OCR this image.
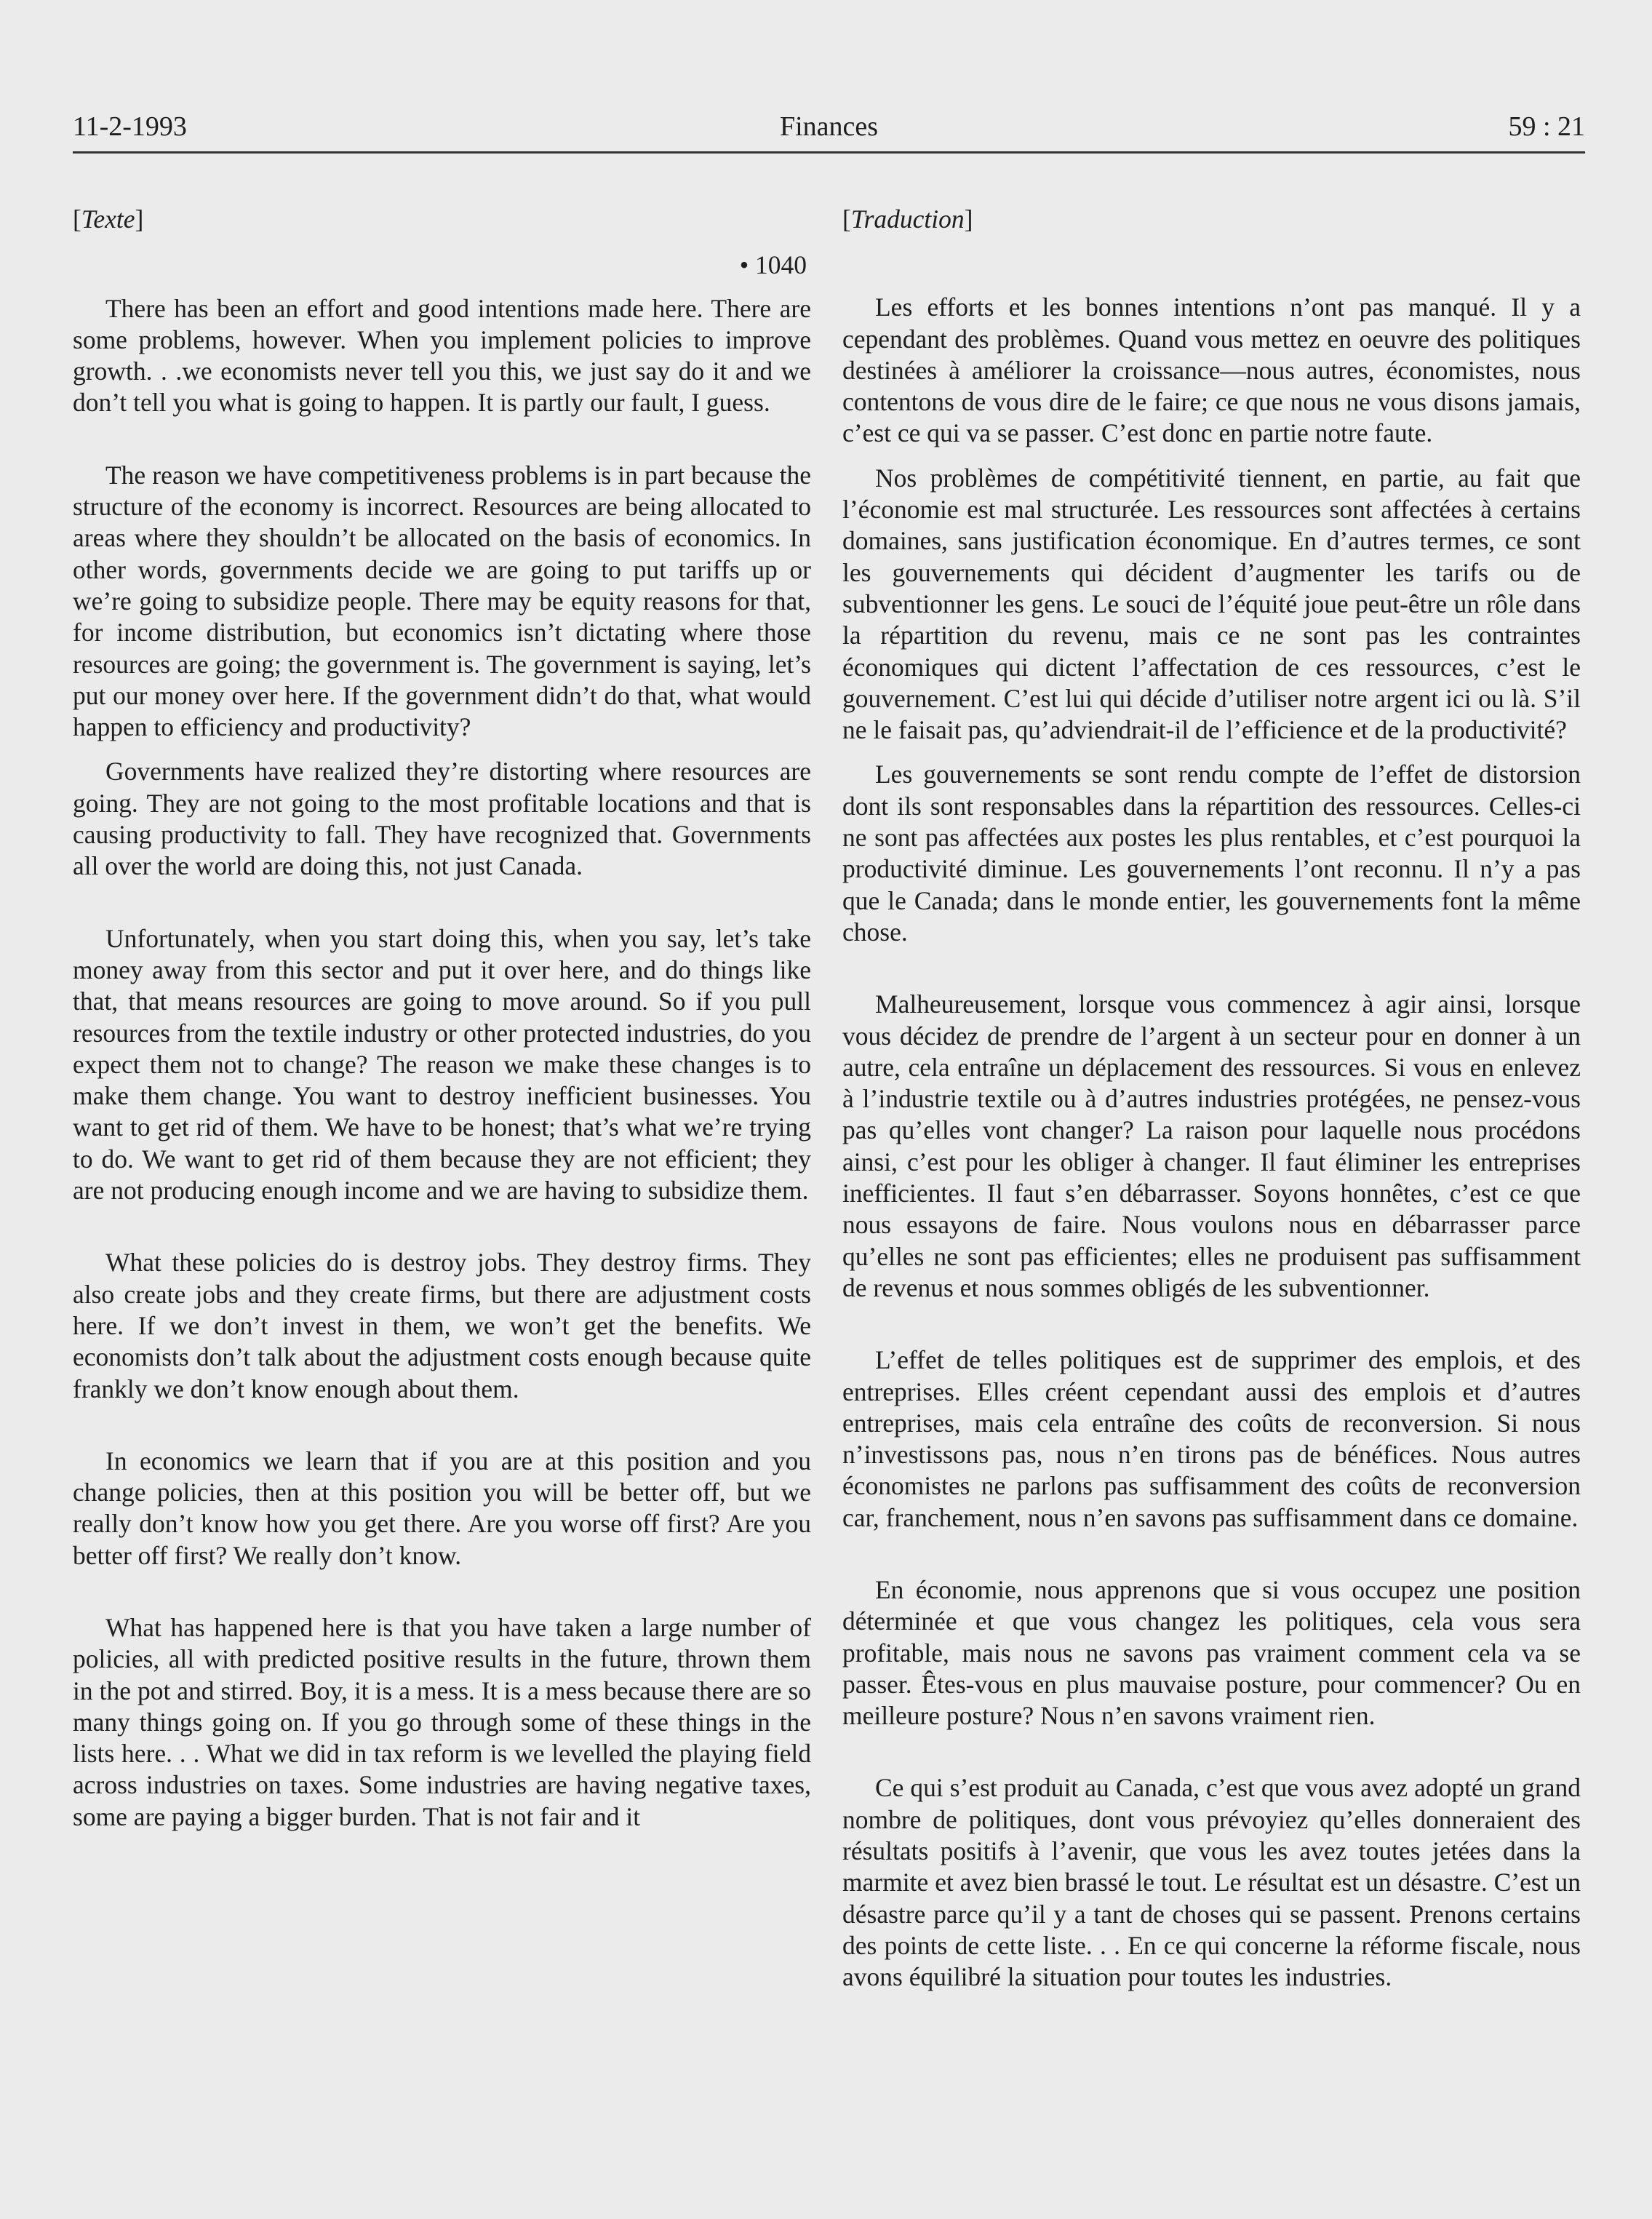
11-2-1993	Finances	59 : 21
[Texte]
• 1040

There has been an effort and good intentions made here. There are some problems, however. When you implement policies to improve growth. . .we economists never tell you this, we just say do it and we don’t tell you what is going to happen. It is partly our fault, I guess.

The reason we have competitiveness problems is in part because the structure of the economy is incorrect. Resources are being allocated to areas where they shouldn’t be allocated on the basis of economics. In other words, governments decide we are going to put tariffs up or we’re going to subsidize people. There may be equity reasons for that, for income distribution, but economics isn’t dictating where those resources are going; the government is. The government is saying, let’s put our money over here. If the government didn’t do that, what would happen to efficiency and productivity?

Governments have realized they’re distorting where resources are going. They are not going to the most profitable locations and that is causing productivity to fall. They have recognized that. Governments all over the world are doing this, not just Canada.

Unfortunately, when you start doing this, when you say, let’s take money away from this sector and put it over here, and do things like that, that means resources are going to move around. So if you pull resources from the textile industry or other protected industries, do you expect them not to change? The reason we make these changes is to make them change. You want to destroy inefficient businesses. You want to get rid of them. We have to be honest; that’s what we’re trying to do. We want to get rid of them because they are not efficient; they are not producing enough income and we are having to subsidize them.

What these policies do is destroy jobs. They destroy firms. They also create jobs and they create firms, but there are adjustment costs here. If we don’t invest in them, we won’t get the benefits. We economists don’t talk about the adjustment costs enough because quite frankly we don’t know enough about them.

In economics we learn that if you are at this position and you change policies, then at this position you will be better off, but we really don’t know how you get there. Are you worse off first? Are you better off first? We really don’t know.

What has happened here is that you have taken a large number of policies, all with predicted positive results in the future, thrown them in the pot and stirred. Boy, it is a mess. It is a mess because there are so many things going on. If you go through some of these things in the lists here. . . What we did in tax reform is we levelled the playing field across industries on taxes. Some industries are having negative taxes, some are paying a bigger burden. That is not fair and it

[Traduction]

Les efforts et les bonnes intentions n’ont pas manqué. Il y a cependant des problèmes. Quand vous mettez en oeuvre des politiques destinées à améliorer la croissance—nous autres, économistes, nous contentons de vous dire de le faire; ce que nous ne vous disons jamais, c’est ce qui va se passer. C’est donc en partie notre faute.

Nos problèmes de compétitivité tiennent, en partie, au fait que l’économie est mal structurée. Les ressources sont affectées à certains domaines, sans justification économique. En d’autres termes, ce sont les gouvernements qui décident d’augmenter les tarifs ou de subventionner les gens. Le souci de l’équité joue peut-être un rôle dans la répartition du revenu, mais ce ne sont pas les contraintes économiques qui dictent l’affectation de ces ressources, c’est le gouvernement. C’est lui qui décide d’utiliser notre argent ici ou là. S’il ne le faisait pas, qu’adviendrait-il de l’efficience et de la productivité?

Les gouvernements se sont rendu compte de l’effet de distorsion dont ils sont responsables dans la répartition des ressources. Celles-ci ne sont pas affectées aux postes les plus rentables, et c’est pourquoi la productivité diminue. Les gouvernements l’ont reconnu. Il n’y a pas que le Canada; dans le monde entier, les gouvernements font la même chose.

Malheureusement, lorsque vous commencez à agir ainsi, lorsque vous décidez de prendre de l’argent à un secteur pour en donner à un autre, cela entraîne un déplacement des ressources. Si vous en enlevez à l’industrie textile ou à d’autres industries protégées, ne pensez-vous pas qu’elles vont changer? La raison pour laquelle nous procédons ainsi, c’est pour les obliger à changer. Il faut éliminer les entreprises inefficientes. Il faut s’en débarrasser. Soyons honnêtes, c’est ce que nous essayons de faire. Nous voulons nous en débarrasser parce qu’elles ne sont pas efficientes; elles ne produisent pas suffisamment de revenus et nous sommes obligés de les subventionner.

L’effet de telles politiques est de supprimer des emplois, et des entreprises. Elles créent cependant aussi des emplois et d’autres entreprises, mais cela entraîne des coûts de reconversion. Si nous n’investissons pas, nous n’en tirons pas de bénéfices. Nous autres économistes ne parlons pas suffisamment des coûts de reconversion car, franchement, nous n’en savons pas suffisamment dans ce domaine.

En économie, nous apprenons que si vous occupez une position déterminée et que vous changez les politiques, cela vous sera profitable, mais nous ne savons pas vraiment comment cela va se passer. Êtes-vous en plus mauvaise posture, pour commencer? Ou en meilleure posture? Nous n’en savons vraiment rien.

Ce qui s’est produit au Canada, c’est que vous avez adopté un grand nombre de politiques, dont vous prévoyiez qu’elles donneraient des résultats positifs à l’avenir, que vous les avez toutes jetées dans la marmite et avez bien brassé le tout. Le résultat est un désastre. C’est un désastre parce qu’il y a tant de choses qui se passent. Prenons certains des points de cette liste. . . En ce qui concerne la réforme fiscale, nous avons équilibré la situation pour toutes les industries.
